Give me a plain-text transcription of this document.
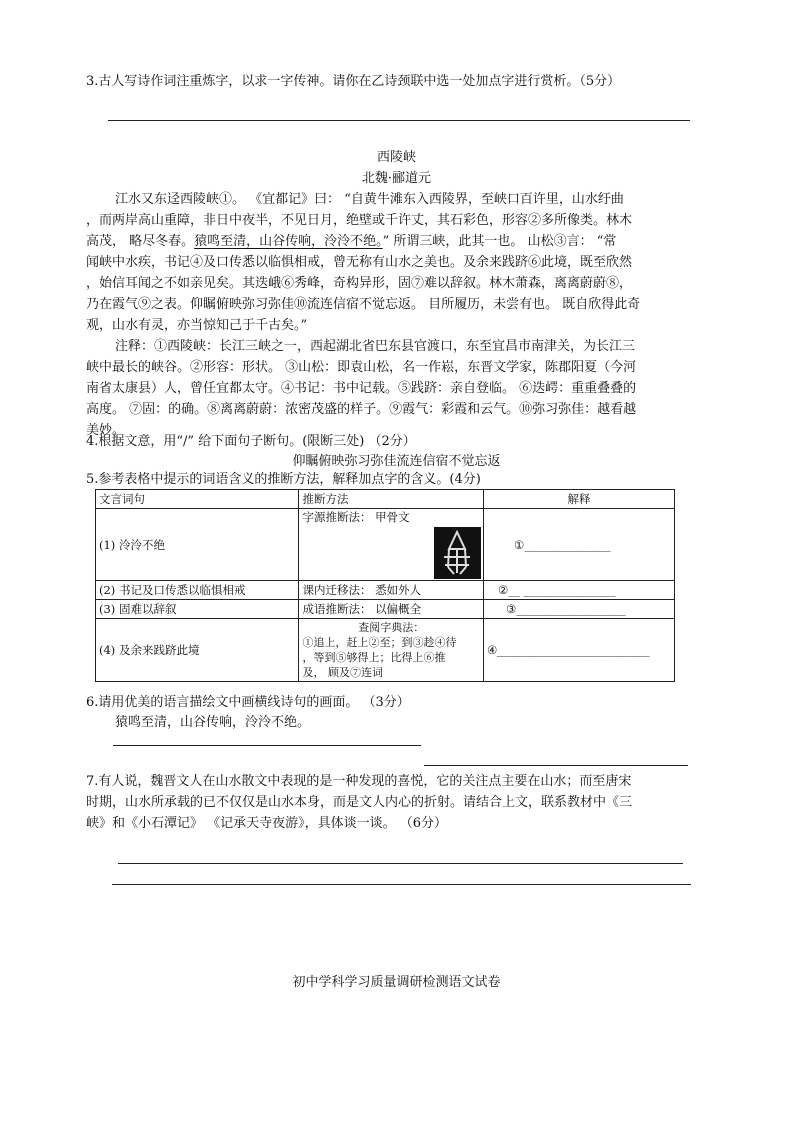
3.古人写诗作词注重炼字，以求一字传神。请你在乙诗颈联中选一处加点字进行赏析。（5分）
西陵峡
北魏·郦道元
江水又东迳西陵峡①。 《宜都记》曰： “自黄牛滩东入西陵界，至峡口百许里，山水纡曲
，而两岸高山重障，非日中夜半，不见日月，绝壁或千许丈，其石彩色，形容②多所像类。林木
高茂， 略尽冬春。猿鸣至清，山谷传响，泠泠不绝。” 所谓三峡，此其一也。 山松③言： “常
闻峡中水疾，书记④及口传悉以临惧相戒，曾无称有山水之美也。及余来践跻⑥此境，既至欣然
，始信耳闻之不如亲见矣。其迭峨⑥秀峰，奇构异形，固⑦难以辞叙。林木萧森，离离蔚蔚⑧，
乃在霞气⑨之表。仰瞩俯映弥习弥佳⑩流连信宿不觉忘返。 目所履历，未尝有也。 既自欣得此奇
观，山水有灵，亦当惊知己于千古矣。”
注释：①西陵峡：长江三峡之一，西起湖北省巴东县官渡口，东至宜昌市南津关，为长江三
峡中最长的峡谷。②形容：形状。 ③山松：即袁山松，名一作崧，东晋文学家，陈郡阳夏（今河
南省太康县）人，曾任宜都太守。④书记：书中记载。⑤践跻：亲自登临。 ⑥迭崿：重重叠叠的
高度。 ⑦固：的确。⑧离离蔚蔚：浓密茂盛的样子。⑨霞气：彩霞和云气。⑩弥习弥佳：越看越
美妙。
4.根据文意，用“/” 给下面句子断句。(限断三处) （2分）
仰瞩俯映弥习弥佳流连信宿不觉忘返
5.参考表格中提示的词语含义的推断方法，解释加点字的含义。(4分)
文言词句	推断方法	解释
(1) 泠泠不绝	字源推断法： 甲骨文	①_______________
(2) 书记及口传悉以临惧相戒	课内迁移法： 悉如外人	②__ ________________
(3) 固难以辞叙	成语推断法： 以偏概全	③___________________
(4) 及余来践跻此境	查阅字典法：
①追上，赶上②至；到③趁④待
，等到⑤够得上；比得上⑥推
及， 顾及⑦连词	④_____________________________
6.请用优美的语言描绘文中画横线诗句的画面。 （3分）
猿鸣至清，山谷传响，泠泠不绝。
7.有人说，魏晋文人在山水散文中表现的是一种发现的喜悦，它的关注点主要在山水；而至唐宋
时期，山水所承载的已不仅仅是山水本身，而是文人内心的折射。请结合上文，联系教材中《三
峡》和《小石潭记》 《记承天寺夜游》，具体谈一谈。 （6分）
初中学科学习质量调研检测语文试卷
